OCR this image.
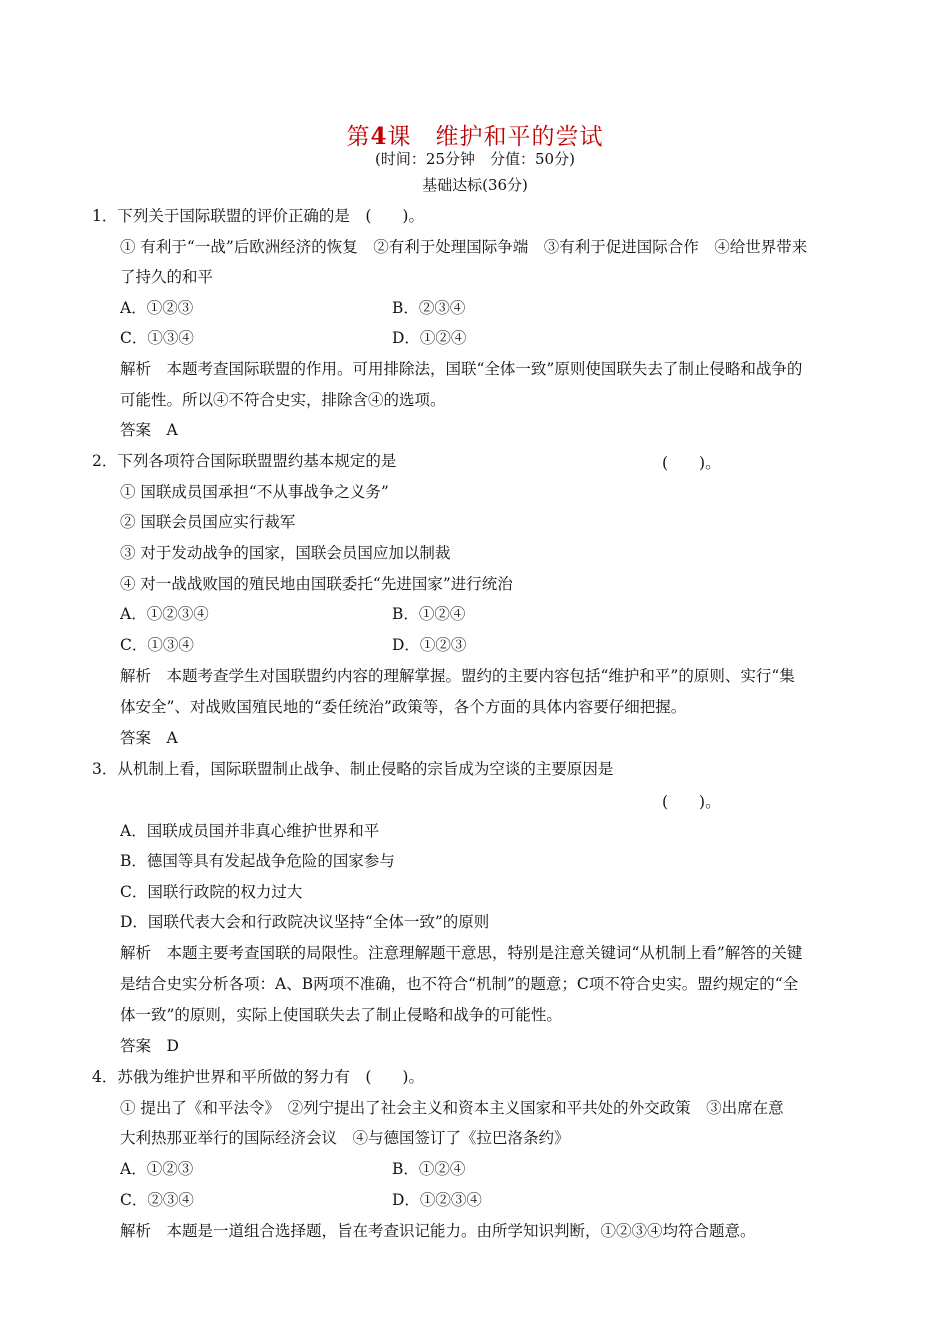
第4课　维护和平的尝试
(时间：25分钟　分值：50分)
基础达标(36分)
1．下列关于国际联盟的评价正确的是　(　　)。
① 有利于“一战”后欧洲经济的恢复　②有利于处理国际争端　③有利于促进国际合作　④给世界带来
了持久的和平
A．①②③	B．②③④
C．①③④	D．①②④
解析　本题考查国际联盟的作用。可用排除法，国联“全体一致”原则使国联失去了制止侵略和战争的
可能性。所以④不符合史实，排除含④的选项。
答案　A
2．下列各项符合国际联盟盟约基本规定的是	(　　)。
① 国联成员国承担“不从事战争之义务”
② 国联会员国应实行裁军
③ 对于发动战争的国家，国联会员国应加以制裁
④ 对一战战败国的殖民地由国联委托“先进国家”进行统治
A．①②③④	B．①②④
C．①③④	D．①②③
解析　本题考查学生对国联盟约内容的理解掌握。盟约的主要内容包括“维护和平”的原则、实行“集
体安全”、对战败国殖民地的“委任统治”政策等，各个方面的具体内容要仔细把握。
答案　A
3．从机制上看，国际联盟制止战争、制止侵略的宗旨成为空谈的主要原因是
(　　)。
A．国联成员国并非真心维护世界和平
B．德国等具有发起战争危险的国家参与
C．国联行政院的权力过大
D．国联代表大会和行政院决议坚持“全体一致”的原则
解析　本题主要考查国联的局限性。注意理解题干意思，特别是注意关键词“从机制上看”解答的关键
是结合史实分析各项：A、B两项不准确，也不符合“机制”的题意；C项不符合史实。盟约规定的“全
体一致”的原则，实际上使国联失去了制止侵略和战争的可能性。
答案　D
4．苏俄为维护世界和平所做的努力有　(　　)。
① 提出了《和平法令》　②列宁提出了社会主义和资本主义国家和平共处的外交政策　③出席在意
大利热那亚举行的国际经济会议　④与德国签订了《拉巴洛条约》
A．①②③	B．①②④
C．②③④	D．①②③④
解析　本题是一道组合选择题，旨在考查识记能力。由所学知识判断，①②③④均符合题意。
